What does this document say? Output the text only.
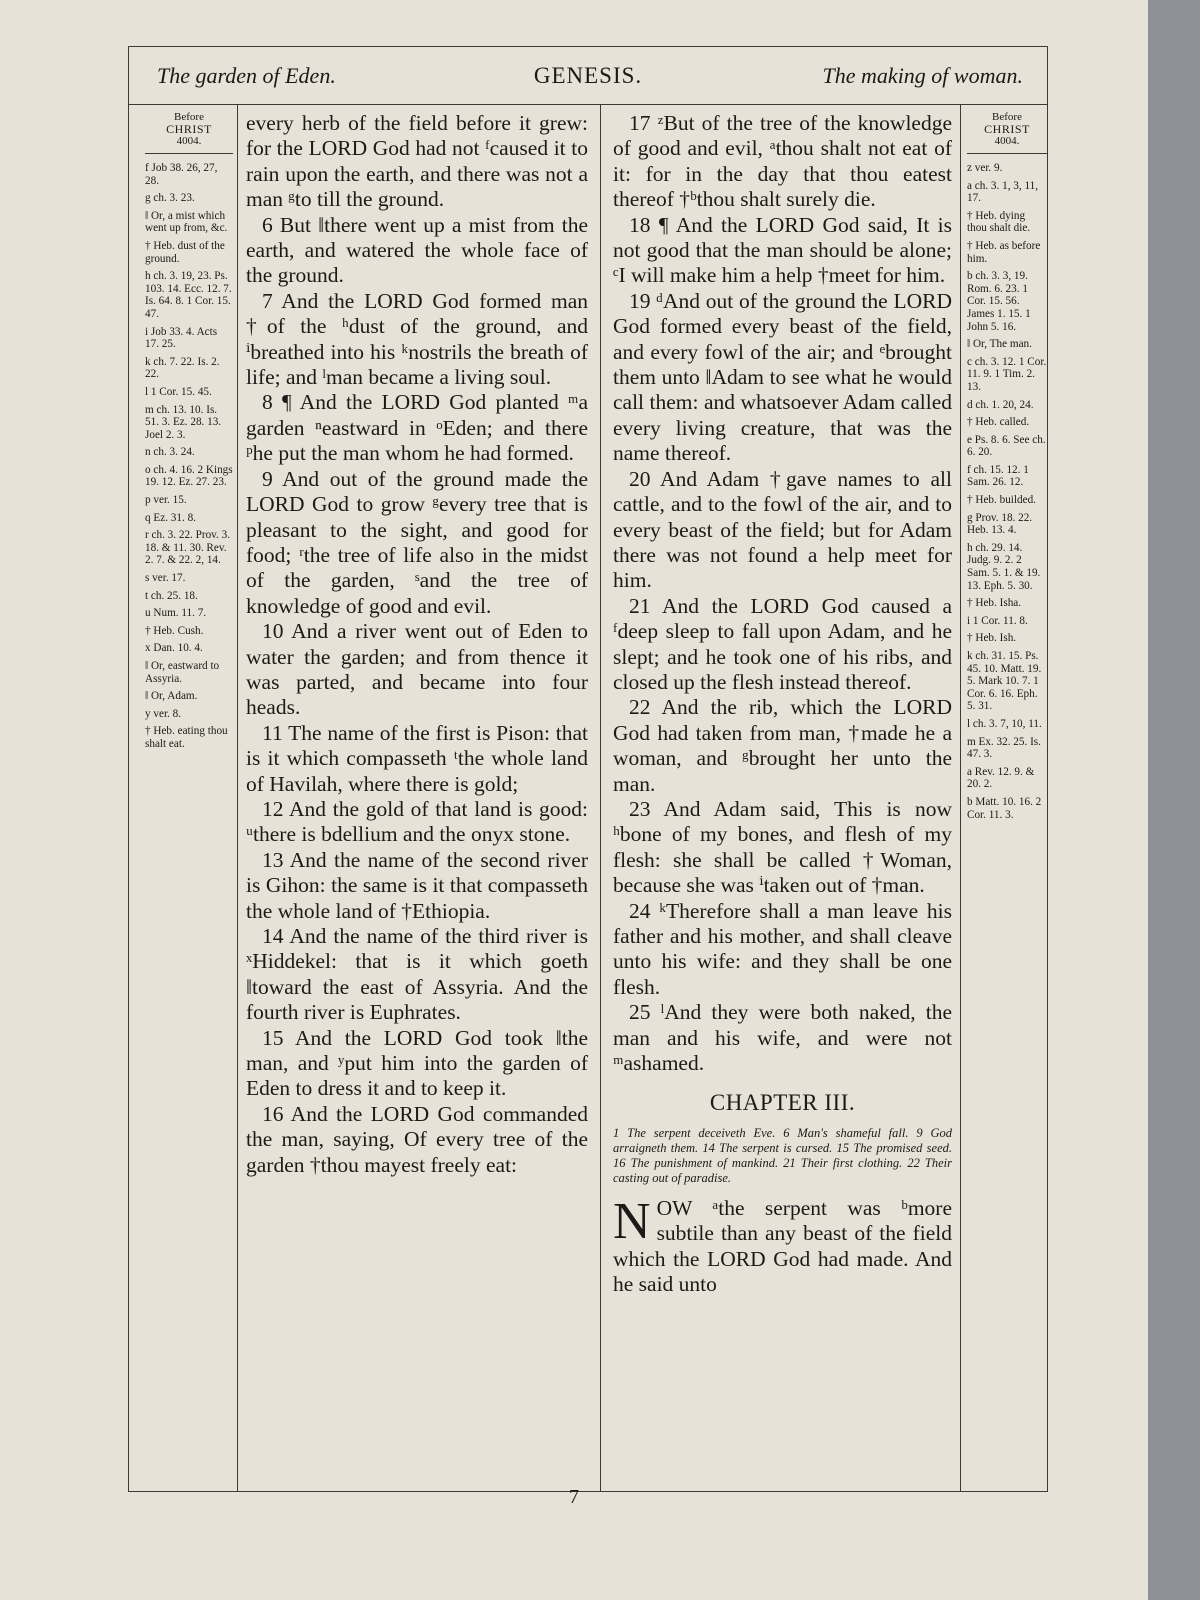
The garden of Eden.	GENESIS.	The making of woman.
Before
CHRIST
4004.
f Job 38. 26, 27, 28.
g ch. 3. 23.
‖ Or, a mist which went up from, &c.
† Heb. dust of the ground.
h ch. 3. 19, 23. Ps. 103. 14. Ecc. 12. 7. Is. 64. 8. 1 Cor. 15. 47.
i Job 33. 4. Acts 17. 25.
k ch. 7. 22. Is. 2. 22.
l 1 Cor. 15. 45.
m ch. 13. 10. Is. 51. 3. Ez. 28. 13. Joel 2. 3.
n ch. 3. 24.
o ch. 4. 16. 2 Kings 19. 12. Ez. 27. 23.
p ver. 15.
q Ez. 31. 8.
r ch. 3. 22. Prov. 3. 18. & 11. 30. Rev. 2. 7. & 22. 2, 14.
s ver. 17.
t ch. 25. 18.
u Num. 11. 7.
† Heb. Cush.
x Dan. 10. 4.
‖ Or, eastward to Assyria.
‖ Or, Adam.
y ver. 8.
† Heb. eating thou shalt eat.

every herb of the field before it grew: for the LORD God had not ᶠcaused it to rain upon the earth, and there was not a man ᵍto till the ground.

6 But ‖there went up a mist from the earth, and watered the whole face of the ground.

7 And the LORD God formed man †of the ʰdust of the ground, and ⁱbreathed into his ᵏnostrils the breath of life; and ˡman became a living soul.

8 ¶ And the LORD God planted ᵐa garden ⁿeastward in ᵒEden; and there ᵖhe put the man whom he had formed.

9 And out of the ground made the LORD God to grow ᵍevery tree that is pleasant to the sight, and good for food; ʳthe tree of life also in the midst of the garden, ˢand the tree of knowledge of good and evil.

10 And a river went out of Eden to water the garden; and from thence it was parted, and became into four heads.

11 The name of the first is Pison: that is it which compasseth ᵗthe whole land of Havilah, where there is gold;

12 And the gold of that land is good: ᵘthere is bdellium and the onyx stone.

13 And the name of the second river is Gihon: the same is it that compasseth the whole land of †Ethiopia.

14 And the name of the third river is ˣHiddekel: that is it which goeth ‖toward the east of Assyria. And the fourth river is Euphrates.

15 And the LORD God took ‖the man, and ʸput him into the garden of Eden to dress it and to keep it.

16 And the LORD God commanded the man, saying, Of every tree of the garden †thou mayest freely eat:

17 ᶻBut of the tree of the knowledge of good and evil, ᵃthou shalt not eat of it: for in the day that thou eatest thereof †ᵇthou shalt surely die.

18 ¶ And the LORD God said, It is not good that the man should be alone; ᶜI will make him a help †meet for him.

19 ᵈAnd out of the ground the LORD God formed every beast of the field, and every fowl of the air; and ᵉbrought them unto ‖Adam to see what he would call them: and whatsoever Adam called every living creature, that was the name thereof.

20 And Adam †gave names to all cattle, and to the fowl of the air, and to every beast of the field; but for Adam there was not found a help meet for him.

21 And the LORD God caused a ᶠdeep sleep to fall upon Adam, and he slept; and he took one of his ribs, and closed up the flesh instead thereof.

22 And the rib, which the LORD God had taken from man, †made he a woman, and ᵍbrought her unto the man.

23 And Adam said, This is now ʰbone of my bones, and flesh of my flesh: she shall be called †Woman, because she was ⁱtaken out of †man.

24 ᵏTherefore shall a man leave his father and his mother, and shall cleave unto his wife: and they shall be one flesh.

25 ˡAnd they were both naked, the man and his wife, and were not ᵐashamed.

CHAPTER III.
1 The serpent deceiveth Eve. 6 Man's shameful fall. 9 God arraigneth them. 14 The serpent is cursed. 15 The promised seed. 16 The punishment of mankind. 21 Their first clothing. 22 Their casting out of paradise.

NOW ᵃthe serpent was ᵇmore subtile than any beast of the field which the LORD God had made. And he said unto

Before
CHRIST
4004.
z ver. 9.
a ch. 3. 1, 3, 11, 17.
† Heb. dying thou shalt die.
† Heb. as before him.
b ch. 3. 3, 19. Rom. 6. 23. 1 Cor. 15. 56. James 1. 15. 1 John 5. 16.
‖ Or, The man.
c ch. 3. 12. 1 Cor. 11. 9. 1 Tim. 2. 13.
d ch. 1. 20, 24.
† Heb. called.
e Ps. 8. 6. See ch. 6. 20.
f ch. 15. 12. 1 Sam. 26. 12.
† Heb. builded.
g Prov. 18. 22. Heb. 13. 4.
h ch. 29. 14. Judg. 9. 2. 2 Sam. 5. 1. & 19. 13. Eph. 5. 30.
† Heb. Isha.
i 1 Cor. 11. 8.
† Heb. Ish.
k ch. 31. 15. Ps. 45. 10. Matt. 19. 5. Mark 10. 7. 1 Cor. 6. 16. Eph. 5. 31.
l ch. 3. 7, 10, 11.
m Ex. 32. 25. Is. 47. 3.
a Rev. 12. 9. & 20. 2.
b Matt. 10. 16. 2 Cor. 11. 3.
7
